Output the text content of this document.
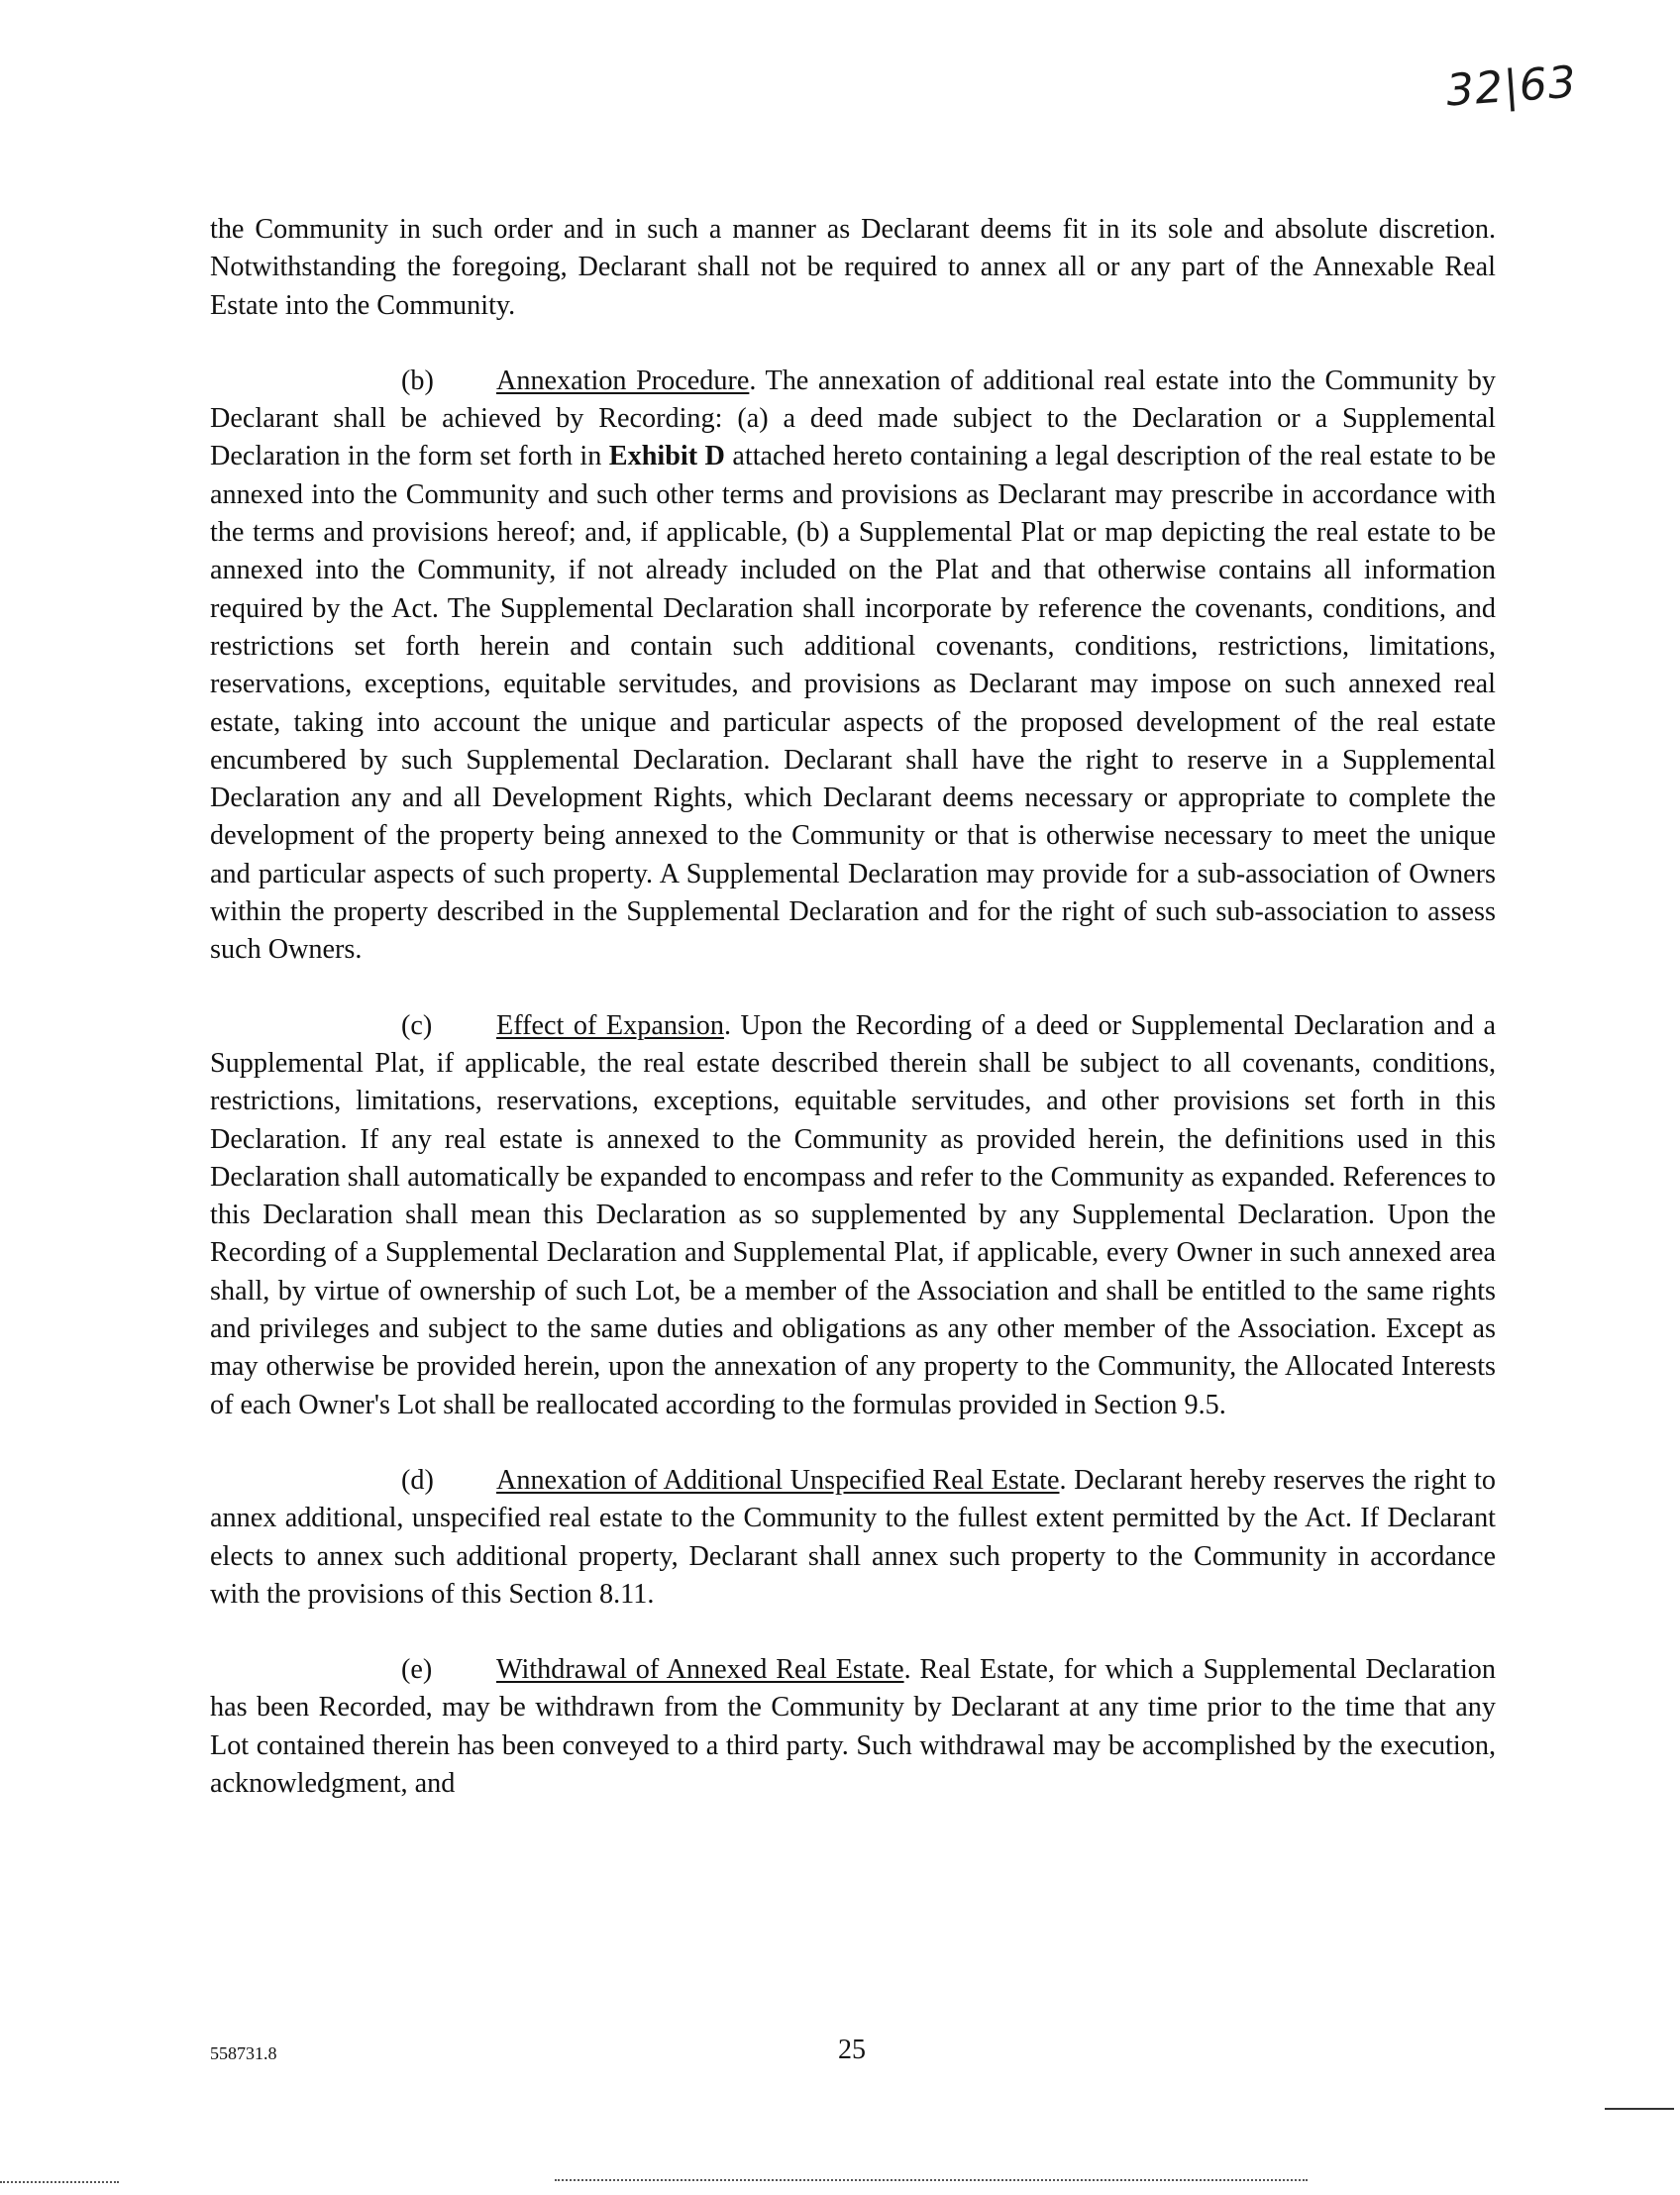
32|63

the Community in such order and in such a manner as Declarant deems fit in its sole and absolute discretion. Notwithstanding the foregoing, Declarant shall not be required to annex all or any part of the Annexable Real Estate into the Community.

(b) Annexation Procedure. The annexation of additional real estate into the Community by Declarant shall be achieved by Recording: (a) a deed made subject to the Declaration or a Supplemental Declaration in the form set forth in Exhibit D attached hereto containing a legal description of the real estate to be annexed into the Community and such other terms and provisions as Declarant may prescribe in accordance with the terms and provisions hereof; and, if applicable, (b) a Supplemental Plat or map depicting the real estate to be annexed into the Community, if not already included on the Plat and that otherwise contains all information required by the Act. The Supplemental Declaration shall incorporate by reference the covenants, conditions, and restrictions set forth herein and contain such additional covenants, conditions, restrictions, limitations, reservations, exceptions, equitable servitudes, and provisions as Declarant may impose on such annexed real estate, taking into account the unique and particular aspects of the proposed development of the real estate encumbered by such Supplemental Declaration. Declarant shall have the right to reserve in a Supplemental Declaration any and all Development Rights, which Declarant deems necessary or appropriate to complete the development of the property being annexed to the Community or that is otherwise necessary to meet the unique and particular aspects of such property. A Supplemental Declaration may provide for a sub-association of Owners within the property described in the Supplemental Declaration and for the right of such sub-association to assess such Owners.

(c) Effect of Expansion. Upon the Recording of a deed or Supplemental Declaration and a Supplemental Plat, if applicable, the real estate described therein shall be subject to all covenants, conditions, restrictions, limitations, reservations, exceptions, equitable servitudes, and other provisions set forth in this Declaration. If any real estate is annexed to the Community as provided herein, the definitions used in this Declaration shall automatically be expanded to encompass and refer to the Community as expanded. References to this Declaration shall mean this Declaration as so supplemented by any Supplemental Declaration. Upon the Recording of a Supplemental Declaration and Supplemental Plat, if applicable, every Owner in such annexed area shall, by virtue of ownership of such Lot, be a member of the Association and shall be entitled to the same rights and privileges and subject to the same duties and obligations as any other member of the Association. Except as may otherwise be provided herein, upon the annexation of any property to the Community, the Allocated Interests of each Owner's Lot shall be reallocated according to the formulas provided in Section 9.5.

(d) Annexation of Additional Unspecified Real Estate. Declarant hereby reserves the right to annex additional, unspecified real estate to the Community to the fullest extent permitted by the Act. If Declarant elects to annex such additional property, Declarant shall annex such property to the Community in accordance with the provisions of this Section 8.11.

(e) Withdrawal of Annexed Real Estate. Real Estate, for which a Supplemental Declaration has been Recorded, may be withdrawn from the Community by Declarant at any time prior to the time that any Lot contained therein has been conveyed to a third party. Such withdrawal may be accomplished by the execution, acknowledgment, and

558731.8	25
